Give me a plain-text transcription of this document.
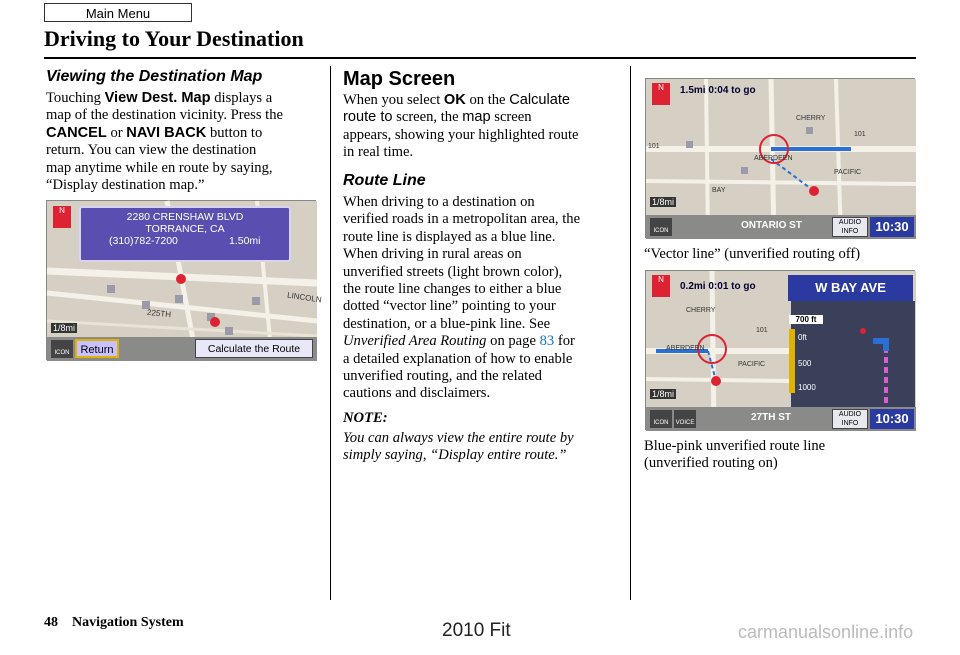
Main Menu
Driving to Your Destination
Viewing the Destination Map
Touching View Dest. Map displays a
map of the destination vicinity. Press the
CANCEL or NAVI BACK button to
return. You can view the destination
map anytime while en route by saying,
“Display destination map.”
2280 CRENSHAW BLVD
TORRANCE, CA
(310)782-7200	1.50mi
N
LINCOLN
225TH
1/8mi
ICON Return	Calculate the Route
Map Screen
When you select OK on the Calculate
route to screen, the map screen
appears, showing your highlighted route
in real time.
Route Line
When driving to a destination on
verified roads in a metropolitan area, the
route line is displayed as a blue line.
When driving in rural areas on
unverified streets (light brown color),
the route line changes to either a blue
dotted “vector line” pointing to your
destination, or a blue-pink line. See
Unverified Area Routing on page 83 for
a detailed explanation of how to enable
unverified routing, and the related
cautions and disclaimers.
NOTE:
You can always view the entire route by
simply saying, “Display entire route.”
N	1.5mi 0:04 to go
CHERRY
PACIFIC
BAY
ABERDEEN
101
101
1/8mi
ICON	ONTARIO ST	AUDIO
INFO	10:30
“Vector line” (unverified routing off)
W BAY AVE
700 ft
0ft
500
1000
N
0.2mi 0:01 to go
CHERRY
PACIFIC
ABERDEEN
101
1/8mi
ICON	VOICE	27TH ST	AUDIO
INFO	10:30
Blue-pink unverified route line
(unverified routing on)
48 Navigation System	2010 Fit	carmanualsonline.info
